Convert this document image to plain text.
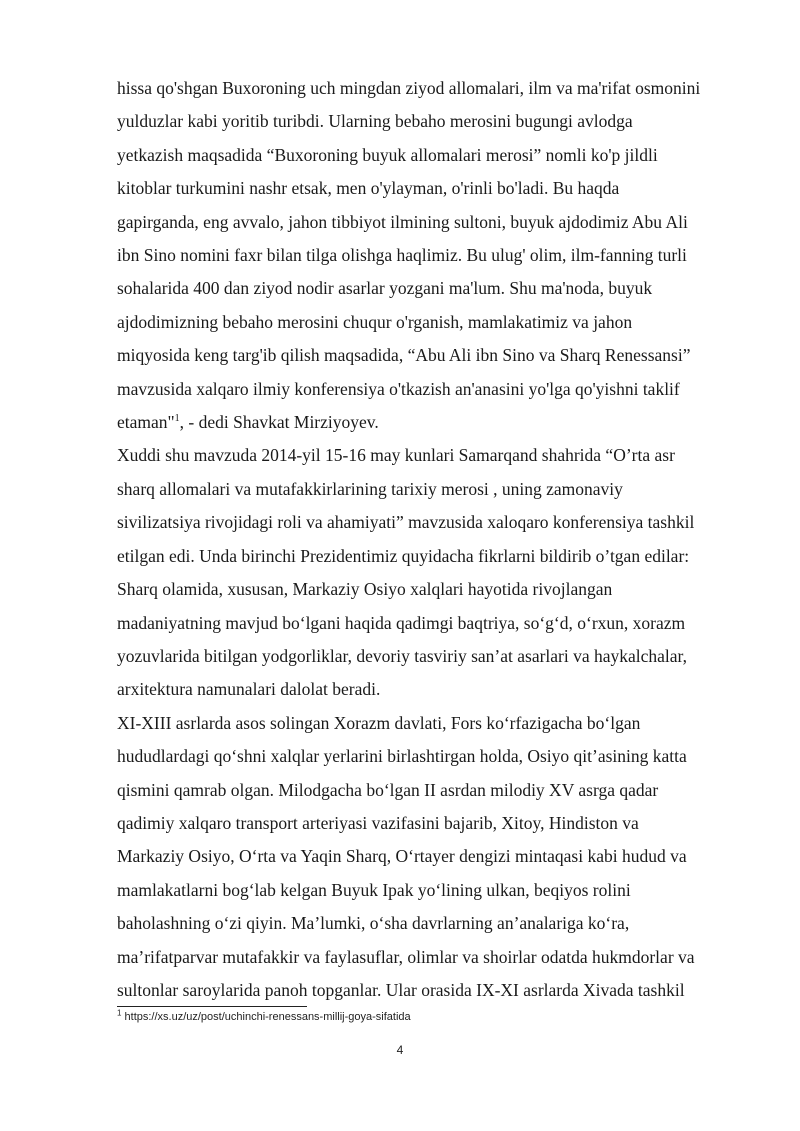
hissa qo'shgan Buxoroning uch mingdan ziyod allomalari, ilm va ma'rifat osmonini
yulduzlar kabi yoritib turibdi. Ularning bebaho merosini bugungi avlodga
yetkazish maqsadida “Buxoroning buyuk allomalari merosi” nomli ko'p jildli
kitoblar turkumini nashr etsak, men o'ylayman, o'rinli bo'ladi. Bu haqda
gapirganda, eng avvalo, jahon tibbiyot ilmining sultoni, buyuk ajdodimiz Abu Ali
ibn Sino nomini faxr bilan tilga olishga haqlimiz. Bu ulug' olim, ilm-fanning turli
sohalarida 400 dan ziyod nodir asarlar yozgani ma'lum. Shu ma'noda, buyuk
ajdodimizning bebaho merosini chuqur o'rganish, mamlakatimiz va jahon
miqyosida keng targ'ib qilish maqsadida, “Abu Ali ibn Sino va Sharq Renessansi”
mavzusida xalqaro ilmiy konferensiya o'tkazish an'anasini yo'lga qo'yishni taklif
etaman"$^1$, - dedi Shavkat Mirziyoyev.
Xuddi shu mavzuda 2014-yil 15-16 may kunlari Samarqand shahrida “O’rta asr
sharq allomalari va mutafakkirlarining tarixiy merosi , uning zamonaviy
sivilizatsiya rivojidagi roli va ahamiyati” mavzusida xaloqaro konferensiya tashkil
etilgan edi. Unda birinchi Prezidentimiz quyidacha fikrlarni bildirib o’tgan edilar:
Sharq olamida, xususan, Markaziy Osiyo xalqlari hayotida rivojlangan
madaniyatning mavjud bo‘lgani haqida qadimgi baqtriya, so‘g‘d, o‘rxun, xorazm
yozuvlarida bitilgan yodgorliklar, devoriy tasviriy san’at asarlari va haykalchalar,
arxitektura namunalari dalolat beradi.
XI-XIII asrlarda asos solingan Xorazm davlati, Fors ko‘rfazigacha bo‘lgan
hududlardagi qo‘shni xalqlar yerlarini birlashtirgan holda, Osiyo qit’asining katta
qismini qamrab olgan. Milodgacha bo‘lgan II asrdan milodiy XV asrga qadar
qadimiy xalqaro transport arteriyasi vazifasini bajarib, Xitoy, Hindiston va
Markaziy Osiyo, O‘rta va Yaqin Sharq, O‘rtayer dengizi mintaqasi kabi hudud va
mamlakatlarni bog‘lab kelgan Buyuk Ipak yo‘lining ulkan, beqiyos rolini
baholashning o‘zi qiyin. Ma’lumki, o‘sha davrlarning an’analariga ko‘ra,
ma’rifatparvar mutafakkir va faylasuflar, olimlar va shoirlar odatda hukmdorlar va
sultonlar saroylarida panoh topganlar. Ular orasida IX-XI asrlarda Xivada tashkil
$^1$ https://xs.uz/uz/post/uchinchi-renessans-millij-goya-sifatida
4
